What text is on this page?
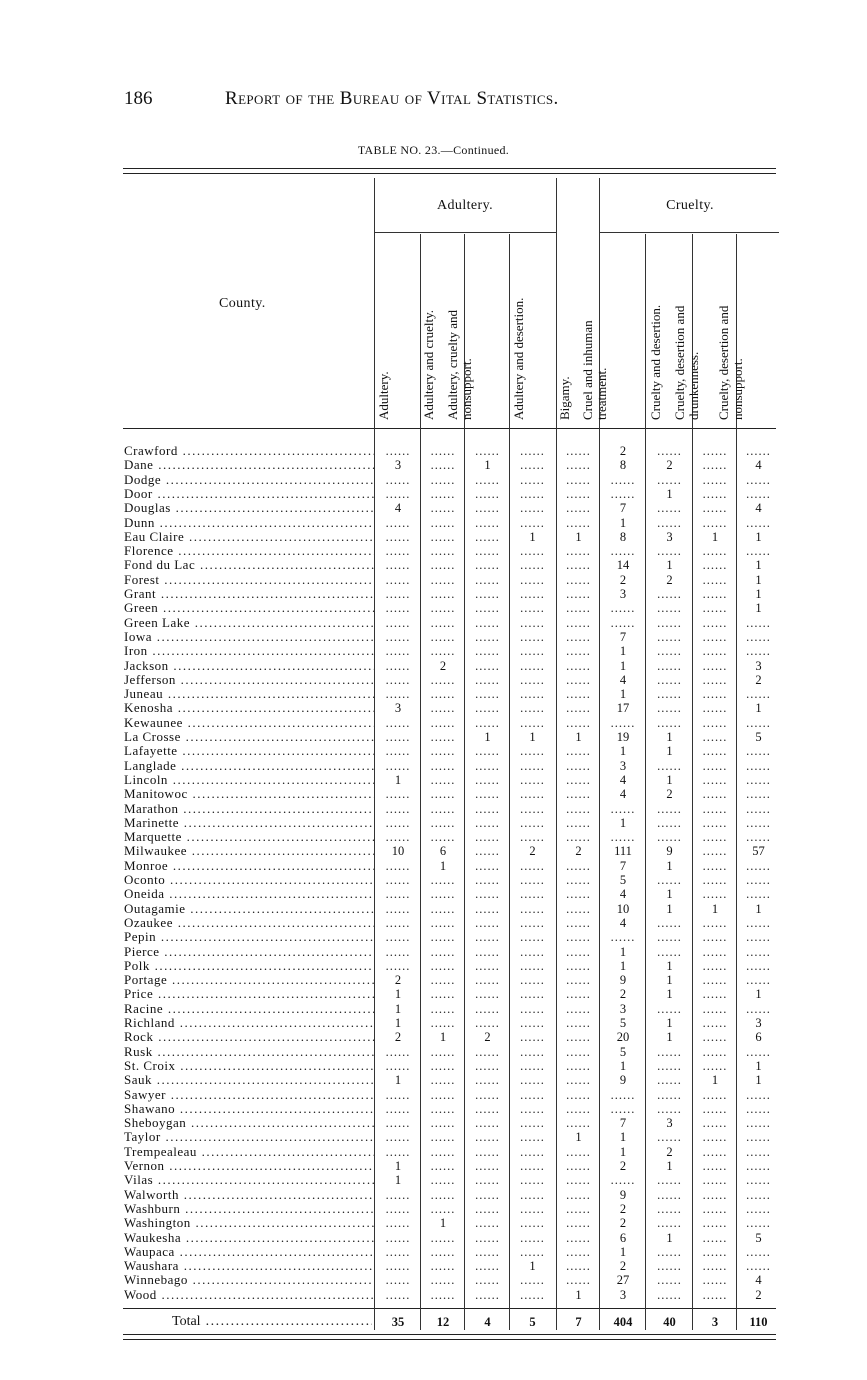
186	Report of the Bureau of Vital Statistics.
TABLE NO. 23.—Continued.
County.
Adultery.	Cruelty.
Adultery. Adultery and cruelty. Adultery, cruelty and nonsupport.	Adultery and desertion. Bigamy. Cruel and inhuman treatment.	Cruelty and desertion. Cruelty, desertion and drunkenness. Cruelty, desertion and nonsupport.
Crawford .....	......	......	......	......	......	2	......	......	......
Dane .....	3	......	1	......	......	8	2	......	4
Dodge .....	......	......	......	......	......	......	......	......	......
Door .....	......	......	......	......	......	......	1	......	......
Douglas .....	4	......	......	......	......	7	......	......	4
Dunn .....	......	......	......	......	......	1	......	......	......
Eau Claire .....	......	......	......	1	1	8	3	1	1
Florence .....	......	......	......	......	......	......	......	......	......
Fond du Lac .....	......	......	......	......	......	14	1	......	1
Forest .....	......	......	......	......	......	2	2	......	1
Grant .....	......	......	......	......	......	3	......	......	1
Green .....	......	......	......	......	......	......	......	......	1
Green Lake .....	......	......	......	......	......	......	......	......	......
Iowa .....	......	......	......	......	......	7	......	......	......
Iron .....	......	......	......	......	......	1	......	......	......
Jackson .....	......	2	......	......	......	1	......	......	3
Jefferson .....	......	......	......	......	......	4	......	......	2
Juneau .....	......	......	......	......	......	1	......	......	......
Kenosha .....	3	......	......	......	......	17	......	......	1
Kewaunee .....	......	......	......	......	......	......	......	......	......
La Crosse .....	......	......	1	1	1	19	1	......	5
Lafayette .....	......	......	......	......	......	1	1	......	......
Langlade .....	......	......	......	......	......	3	......	......	......
Lincoln .....	1	......	......	......	......	4	1	......	......
Manitowoc .....	......	......	......	......	......	4	2	......	......
Marathon .....	......	......	......	......	......	......	......	......	......
Marinette .....	......	......	......	......	......	1	......	......	......
Marquette .....	......	......	......	......	......	......	......	......	......
Milwaukee .....	10	6	......	2	2	111	9	......	57
Monroe .....	......	1	......	......	......	7	1	......	......
Oconto .....	......	......	......	......	......	5	......	......	......
Oneida .....	......	......	......	......	......	4	1	......	......
Outagamie .....	......	......	......	......	......	10	1	1	1
Ozaukee .....	......	......	......	......	......	4	......	......	......
Pepin .....	......	......	......	......	......	......	......	......	......
Pierce .....	......	......	......	......	......	1	......	......	......
Polk .....	......	......	......	......	......	1	1	......	......
Portage .....	2	......	......	......	......	9	1	......	......
Price .....	1	......	......	......	......	2	1	......	1
Racine .....	1	......	......	......	......	3	......	......	......
Richland .....	1	......	......	......	......	5	1	......	3
Rock .....	2	1	2	......	......	20	1	......	6
Rusk .....	......	......	......	......	......	5	......	......	......
St. Croix .....	......	......	......	......	......	1	......	......	1
Sauk .....	1	......	......	......	......	9	......	1	1
Sawyer .....	......	......	......	......	......	......	......	......	......
Shawano .....	......	......	......	......	......	......	......	......	......
Sheboygan .....	......	......	......	......	......	7	3	......	......
Taylor .....	......	......	......	......	1	1	......	......	......
Trempealeau .....	......	......	......	......	......	1	2	......	......
Vernon .....	1	......	......	......	......	2	1	......	......
Vilas .....	1	......	......	......	......	......	......	......	......
Walworth .....	......	......	......	......	......	9	......	......	......
Washburn .....	......	......	......	......	......	2	......	......	......
Washington .....	......	1	......	......	......	2	......	......	......
Waukesha .....	......	......	......	......	......	6	1	......	5
Waupaca .....	......	......	......	......	......	1	......	......	......
Waushara .....	......	......	......	1	......	2	......	......	......
Winnebago .....	......	......	......	......	......	27	......	......	4
Wood .....	......	......	......	......	1	3	......	......	2
Total .....	35	12	4	5	7	404	40	3	110
